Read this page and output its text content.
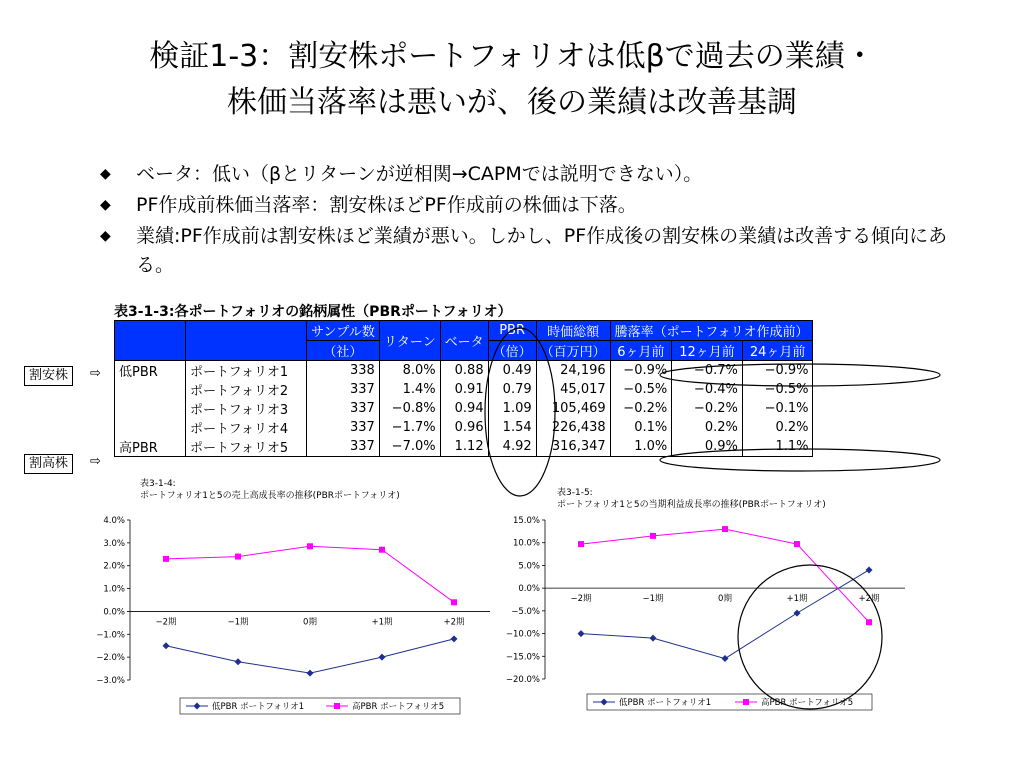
検証1-3：割安株ポートフォリオは低βで過去の業績・
株価当落率は悪いが、後の業績は改善基調
◆ ベータ：低い（βとリターンが逆相関→CAPMでは説明できない）。
◆ PF作成前株価当落率：割安株ほどPF作成前の株価は下落。
◆ 業績:PF作成前は割安株ほど業績が悪い。しかし、PF作成後の割安株の業績は改善する傾向にある。
表3-1-3:各ポートフォリオの銘柄属性（PBRポートフォリオ）
		サンプル数	リターン	ベータ	PBR	時価総額	騰落率（ポートフォリオ作成前）		
		（社）			（倍）	（百万円）	6ヶ月前	12ヶ月前	24ヶ月前
低PBR	ポートフォリオ1	338	8.0%	0.88	0.49	24,196	−0.9%	−0.7%	−0.9%
	ポートフォリオ2	337	1.4%	0.91	0.79	45,017	−0.5%	−0.4%	−0.5%
	ポートフォリオ3	337	−0.8%	0.94	1.09	105,469	−0.2%	−0.2%	−0.1%
	ポートフォリオ4	337	−1.7%	0.96	1.54	226,438	0.1%	0.2%	0.2%
高PBR	ポートフォリオ5	337	−7.0%	1.12	4.92	316,347	1.0%	0.9%	1.1%
割安株	⇨
割高株	⇨
表3-1-4:
ポートフォリオ1と5の売上高成長率の推移(PBRポートフォリオ)
4.0%
3.0%
2.0%
1.0%
0.0%
−1.0%
−2.0%
−3.0%
−2期	−1期	0期	+1期	+2期
低PBR ポートフォリオ1	高PBR ポートフォリオ5
表3-1-5:
ポートフォリオ1と5の当期利益成長率の推移(PBRポートフォリオ)
15.0%
10.0%
5.0%
0.0%
−5.0%
−10.0%
−15.0%
−20.0%
−2期	−1期	0期	+1期	+2期
低PBR ポートフォリオ1	高PBR ポートフォリオ5
